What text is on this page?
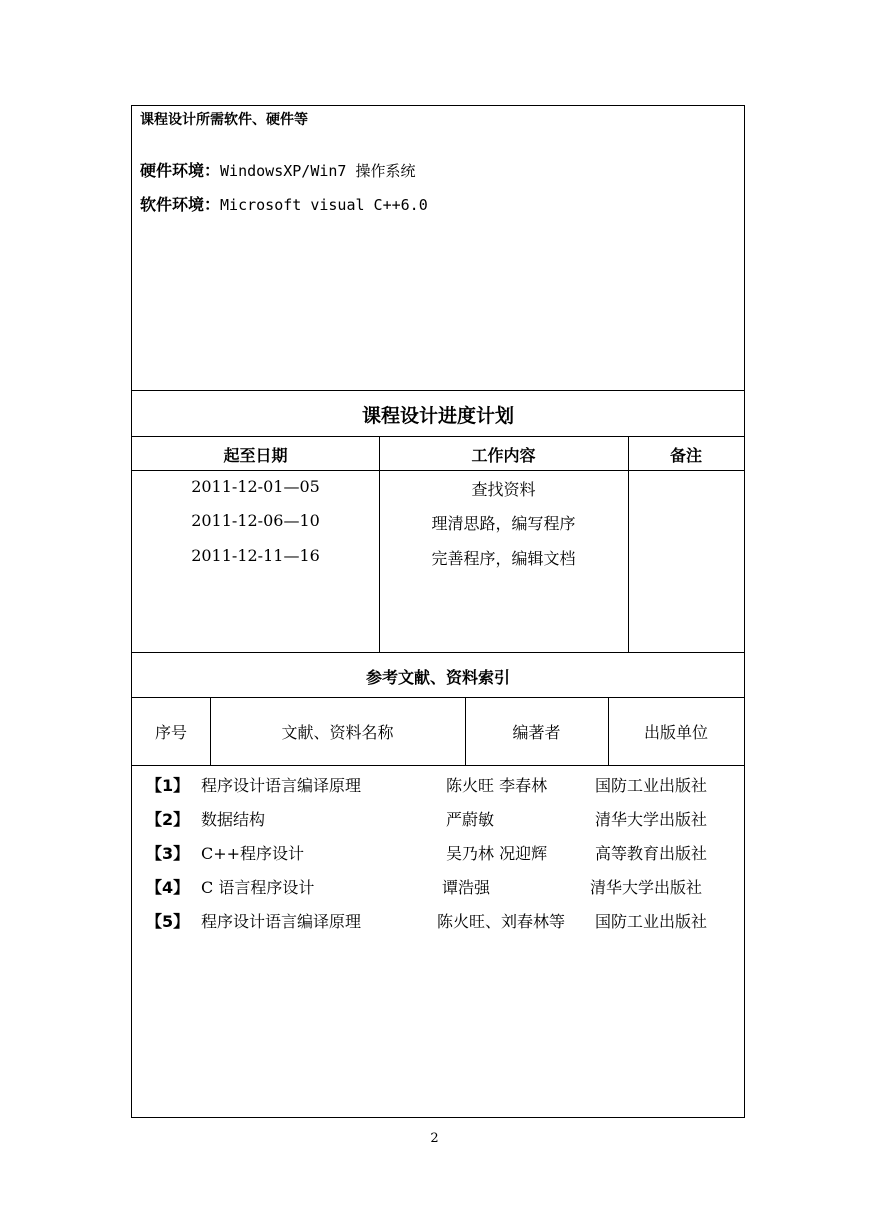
课程设计所需软件、硬件等
硬件环境：WindowsXP/Win7 操作系统
软件环境：Microsoft visual C++6.0
课程设计进度计划
起至日期	工作内容	备注
2011-12-01—05	查找资料
2011-12-06—10	理清思路，编写程序
2011-12-11—16	完善程序，编辑文档
参考文献、资料索引
序号	文献、资料名称	编著者	出版单位
【1】 程序设计语言编译原理	陈火旺 李春林	国防工业出版社
【2】 数据结构	严蔚敏	清华大学出版社
【3】 C++程序设计	吴乃林 况迎辉	高等教育出版社
【4】 C 语言程序设计	谭浩强	清华大学出版社
【5】 程序设计语言编译原理	陈火旺、刘春林等 国防工业出版社
2
